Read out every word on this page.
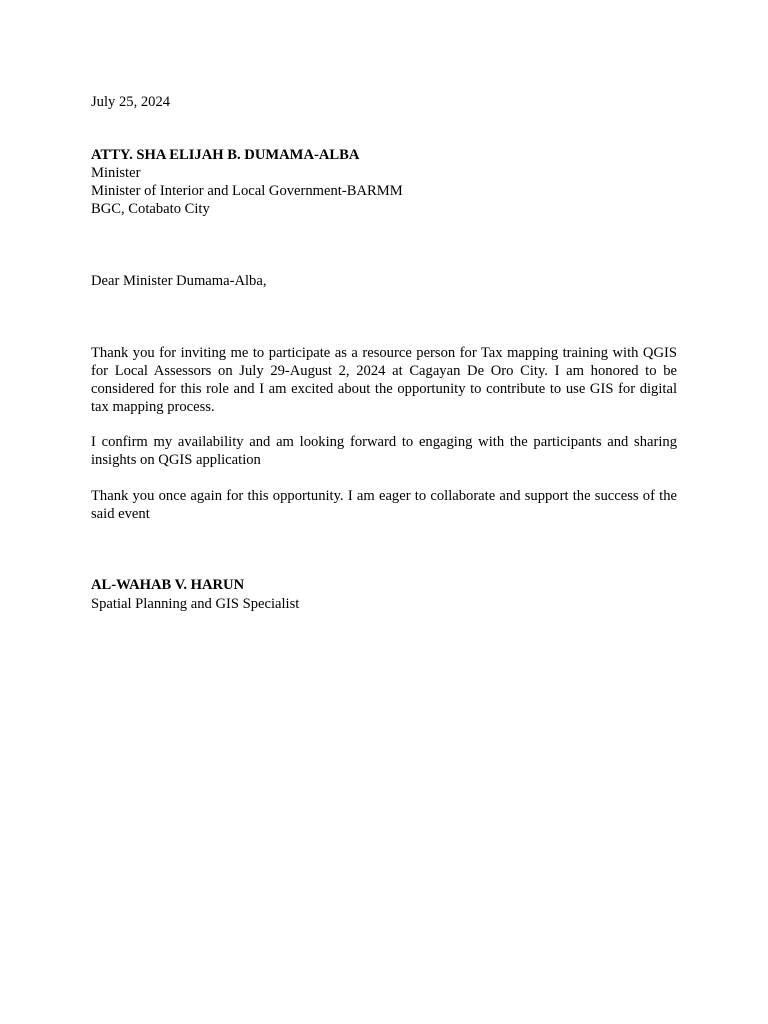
July 25, 2024
ATTY. SHA ELIJAH B. DUMAMA-ALBA
Minister
Minister of Interior and Local Government-BARMM
BGC, Cotabato City
Dear Minister Dumama-Alba,
Thank you for inviting me to participate as a resource person for Tax mapping training with QGIS for Local Assessors on July 29-August 2, 2024 at Cagayan De Oro City. I am honored to be considered for this role and I am excited about the opportunity to contribute to use GIS for digital tax mapping process.
I confirm my availability and am looking forward to engaging with the participants and sharing insights on QGIS application
Thank you once again for this opportunity. I am eager to collaborate and support the success of the said event
AL-WAHAB V. HARUN
Spatial Planning and GIS Specialist
